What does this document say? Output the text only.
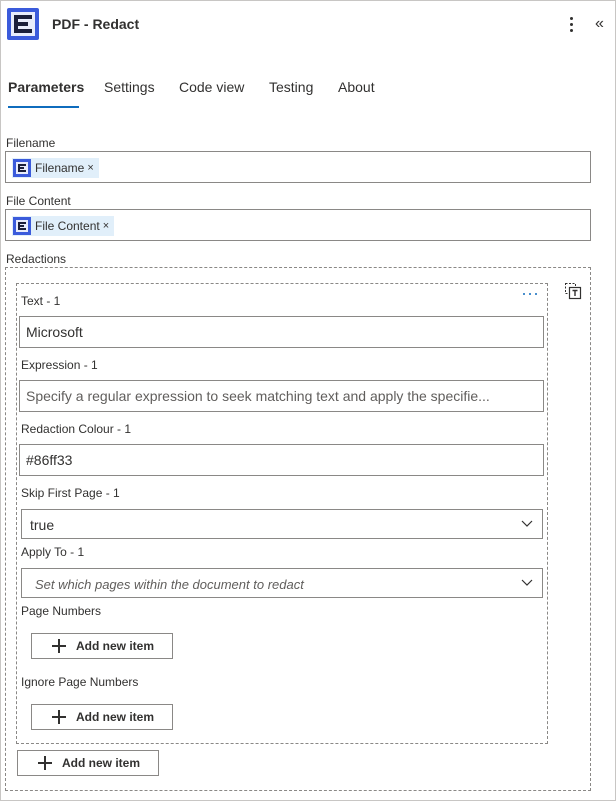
PDF - Redact	«
Parameters Settings Code view Testing About
Filename
Filename ×
File Content
File Content ×
Redactions
Text - 1
Microsoft
Expression - 1
Specify a regular expression to seek matching text and apply the specifie...
Redaction Colour - 1
#86ff33
Skip First Page - 1
true
Apply To - 1
Set which pages within the document to redact
Page Numbers
Add new item
Ignore Page Numbers
Add new item
Add new item
